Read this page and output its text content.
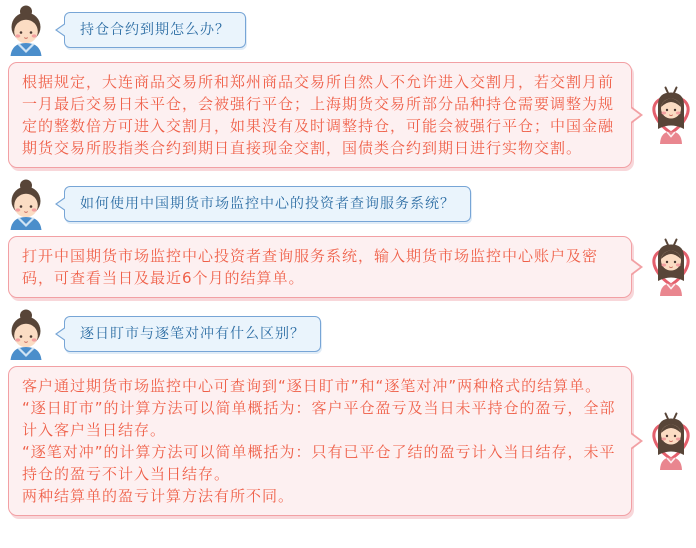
持仓合约到期怎么办？

根据规定，大连商品交易所和郑州商品交易所自然人不允许进入交割月，若交割月前一月最后交易日未平仓，会被强行平仓；上海期货交易所部分品种持仓需要调整为规定的整数倍方可进入交割月，如果没有及时调整持仓，可能会被强行平仓；中国金融期货交易所股指类合约到期日直接现金交割，国债类合约到期日进行实物交割。

如何使用中国期货市场监控中心的投资者查询服务系统？

打开中国期货市场监控中心投资者查询服务系统，输入期货市场监控中心账户及密码，可查看当日及最近6个月的结算单。

逐日盯市与逐笔对冲有什么区别？

客户通过期货市场监控中心可查询到“逐日盯市”和“逐笔对冲”两种格式的结算单。

“逐日盯市”的计算方法可以简单概括为：客户平仓盈亏及当日未平持仓的盈亏，全部计入客户当日结存。

“逐笔对冲”的计算方法可以简单概括为：只有已平仓了结的盈亏计入当日结存，未平持仓的盈亏不计入当日结存。

两种结算单的盈亏计算方法有所不同。
